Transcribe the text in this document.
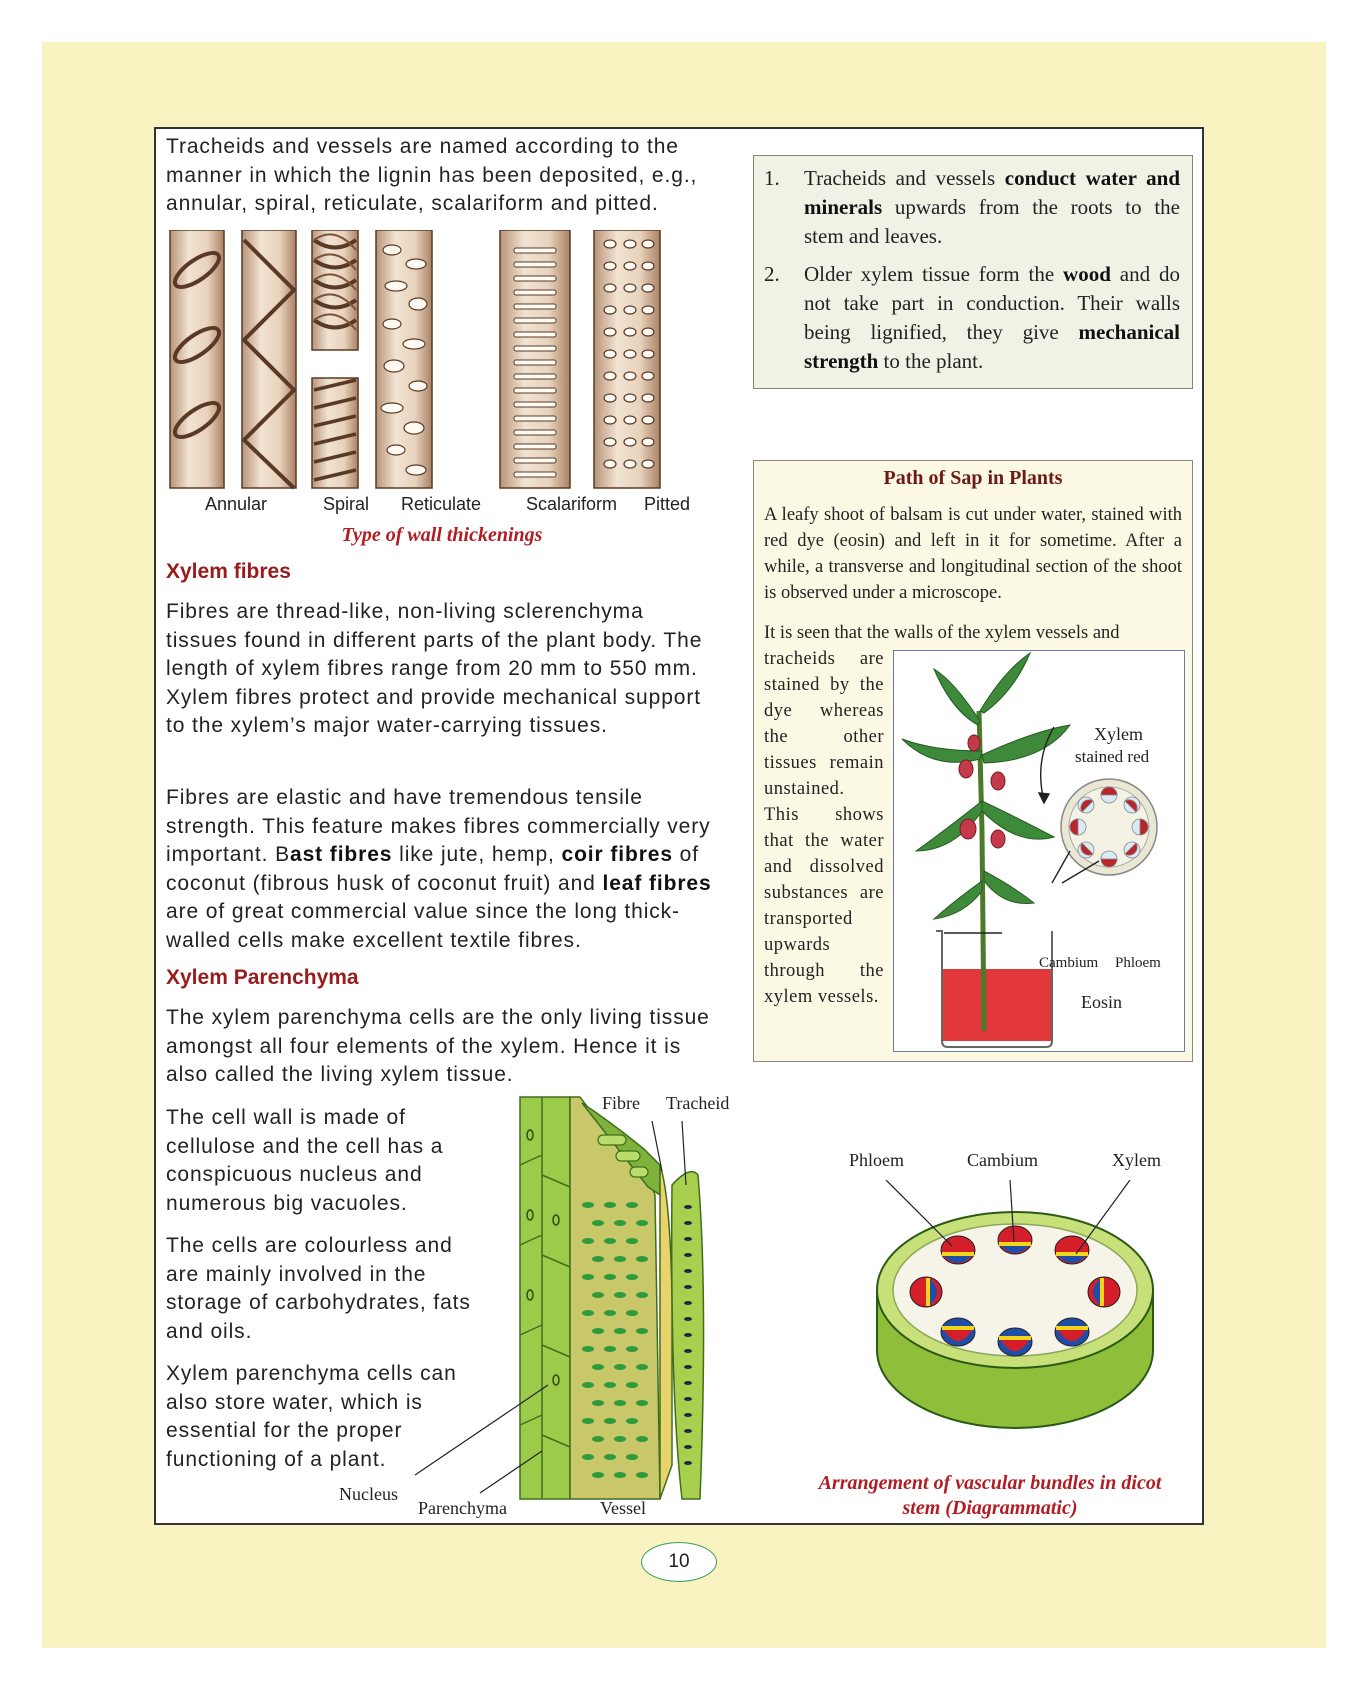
Tracheids and vessels are named according to the manner in which the lignin has been deposited, e.g., annular, spiral, reticulate, scalariform and pitted.

Annular	Spiral Reticulate Scalariform Pitted
Type of wall thickenings
Xylem fibres

Fibres are thread-like, non-living sclerenchyma tissues found in different parts of the plant body. The length of xylem fibres range from 20 mm to 550 mm. Xylem fibres protect and provide mechanical support to the xylem’s major water-carrying tissues.

Fibres are elastic and have tremendous tensile strength. This feature makes fibres commercially very important. Bast fibres like jute, hemp, coir fibres of coconut (fibrous husk of coconut fruit) and leaf fibres are of great commercial value since the long thick-walled cells make excellent textile fibres.

Xylem Parenchyma

The xylem parenchyma cells are the only living tissue amongst all four elements of the xylem. Hence it is also called the living xylem tissue.

The cell wall is made of cellulose and the cell has a conspicuous nucleus and numerous big vacuoles.

The cells are colourless and are mainly involved in the storage of carbohydrates, fats and oils.

Xylem parenchyma cells can also store water, which is essential for the proper functioning of a plant.

Fibre Tracheid
Nucleus
Parenchyma	Vessel
1. Tracheids and vessels conduct water and minerals upwards from the roots to the stem and leaves.
2. Older xylem tissue form the wood and do not take part in conduction. Their walls being lignified, they give mechanical strength to the plant.
Path of Sap in Plants

A leafy shoot of balsam is cut under water, stained with red dye (eosin) and left in it for sometime. After a while, a transverse and longitudinal section of the shoot is observed under a microscope.

It is seen that the walls of the xylem vessels and

tracheids are stained by the dye whereas the other tissues remain unstained. This shows that the water and dissolved substances are transported upwards through the xylem vessels.

Xylem
stained red
Cambium Phloem
Eosin
Phloem	Cambium	Xylem
Arrangement of vascular bundles in dicot
stem (Diagrammatic)
10
